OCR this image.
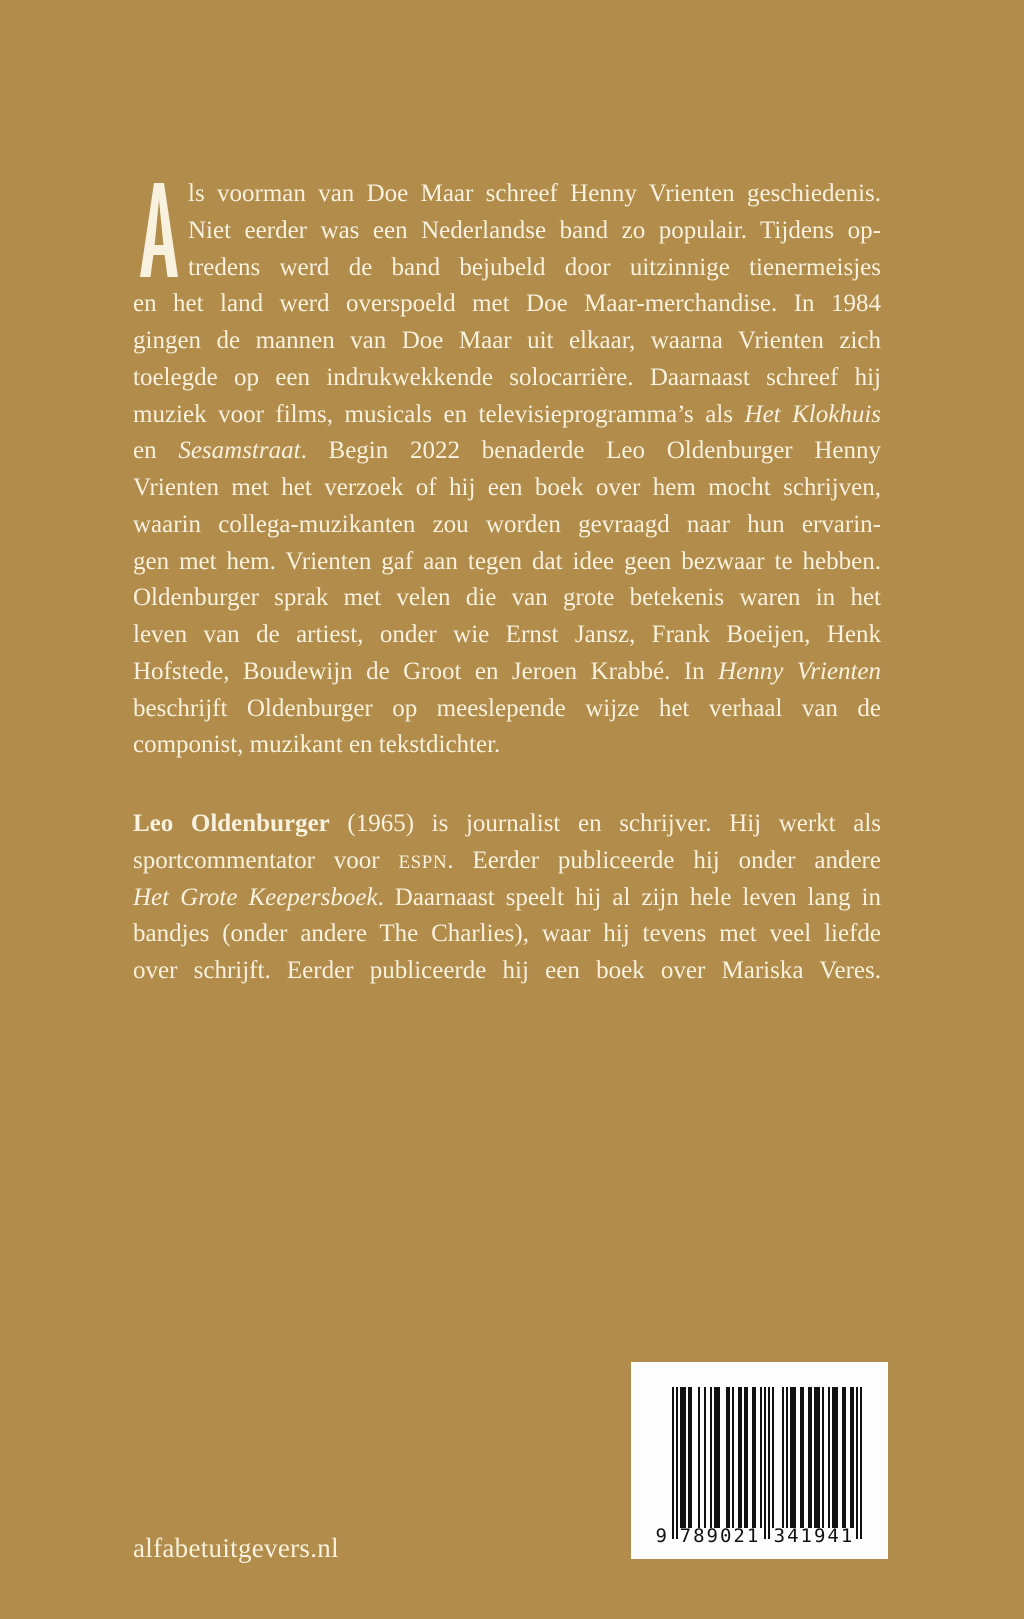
ls voorman van Doe Maar schreef Henny Vrienten geschiedenis.
Niet eerder was een Nederlandse band zo populair. Tijdens op-
tredens werd de band bejubeld door uitzinnige tienermeisjes
en het land werd overspoeld met Doe Maar-merchandise. In 1984
gingen de mannen van Doe Maar uit elkaar, waarna Vrienten zich
toelegde op een indrukwekkende solocarrière. Daarnaast schreef hij
muziek voor films, musicals en televisieprogramma’s als Het Klokhuis
en Sesamstraat. Begin 2022 benaderde Leo Oldenburger Henny
Vrienten met het verzoek of hij een boek over hem mocht schrijven,
waarin collega-muzikanten zou worden gevraagd naar hun ervarin-
gen met hem. Vrienten gaf aan tegen dat idee geen bezwaar te hebben.
Oldenburger sprak met velen die van grote betekenis waren in het
leven van de artiest, onder wie Ernst Jansz, Frank Boeijen, Henk
Hofstede, Boudewijn de Groot en Jeroen Krabbé. In Henny Vrienten
beschrijft Oldenburger op meeslepende wijze het verhaal van de
componist, muzikant en tekstdichter.
Leo Oldenburger (1965) is journalist en schrijver. Hij werkt als
sportcommentator voor ESPN. Eerder publiceerde hij onder andere
Het Grote Keepersboek. Daarnaast speelt hij al zijn hele leven lang in
bandjes (onder andere The Charlies), waar hij tevens met veel liefde
over schrijft. Eerder publiceerde hij een boek over Mariska Veres.
alfabetuitgevers.nl	9 789021 341941
